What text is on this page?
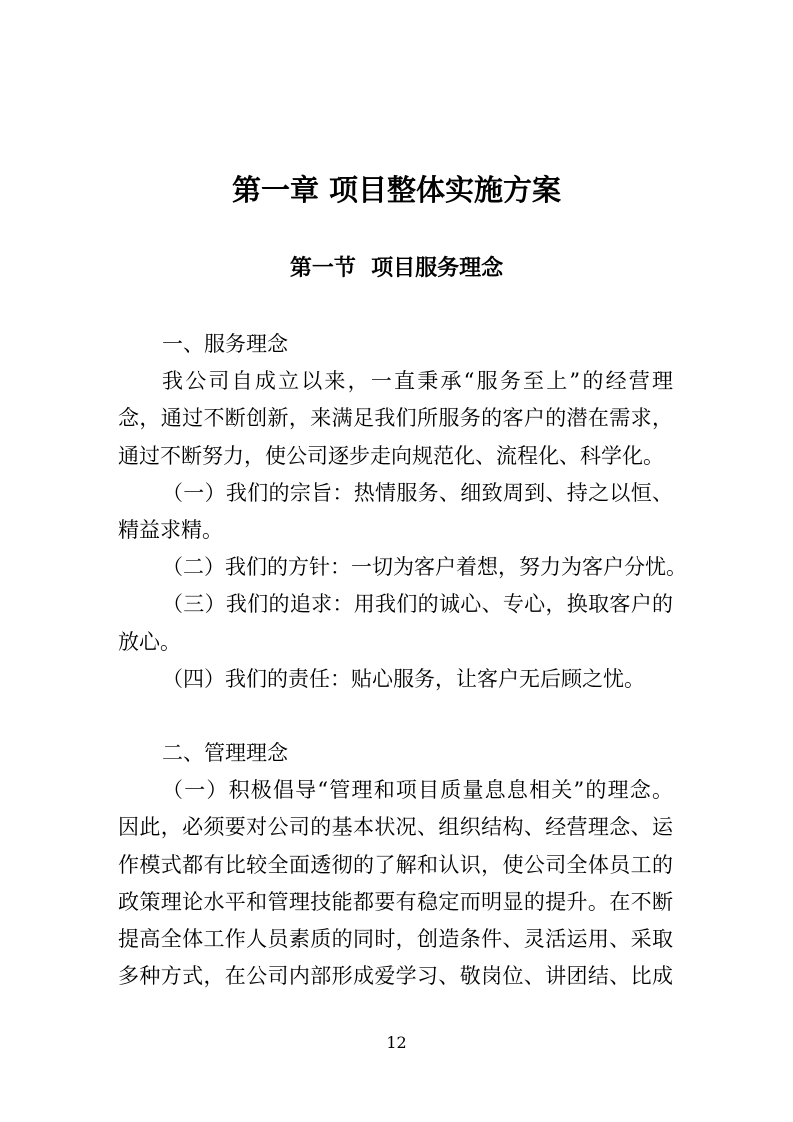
第一章 项目整体实施方案
第一节  项目服务理念
一、服务理念
我公司自成立以来，一直秉承“服务至上”的经营理
念，通过不断创新，来满足我们所服务的客户的潜在需求，
通过不断努力，使公司逐步走向规范化、流程化、科学化。
（一）我们的宗旨：热情服务、细致周到、持之以恒、
精益求精。
（二）我们的方针：一切为客户着想，努力为客户分忧。
（三）我们的追求：用我们的诚心、专心，换取客户的
放心。
（四）我们的责任：贴心服务，让客户无后顾之忧。
二、管理理念
（一）积极倡导“管理和项目质量息息相关”的理念。
因此，必须要对公司的基本状况、组织结构、经营理念、运
作模式都有比较全面透彻的了解和认识，使公司全体员工的
政策理论水平和管理技能都要有稳定而明显的提升。在不断
提高全体工作人员素质的同时，创造条件、灵活运用、采取
多种方式，在公司内部形成爱学习、敬岗位、讲团结、比成
12
